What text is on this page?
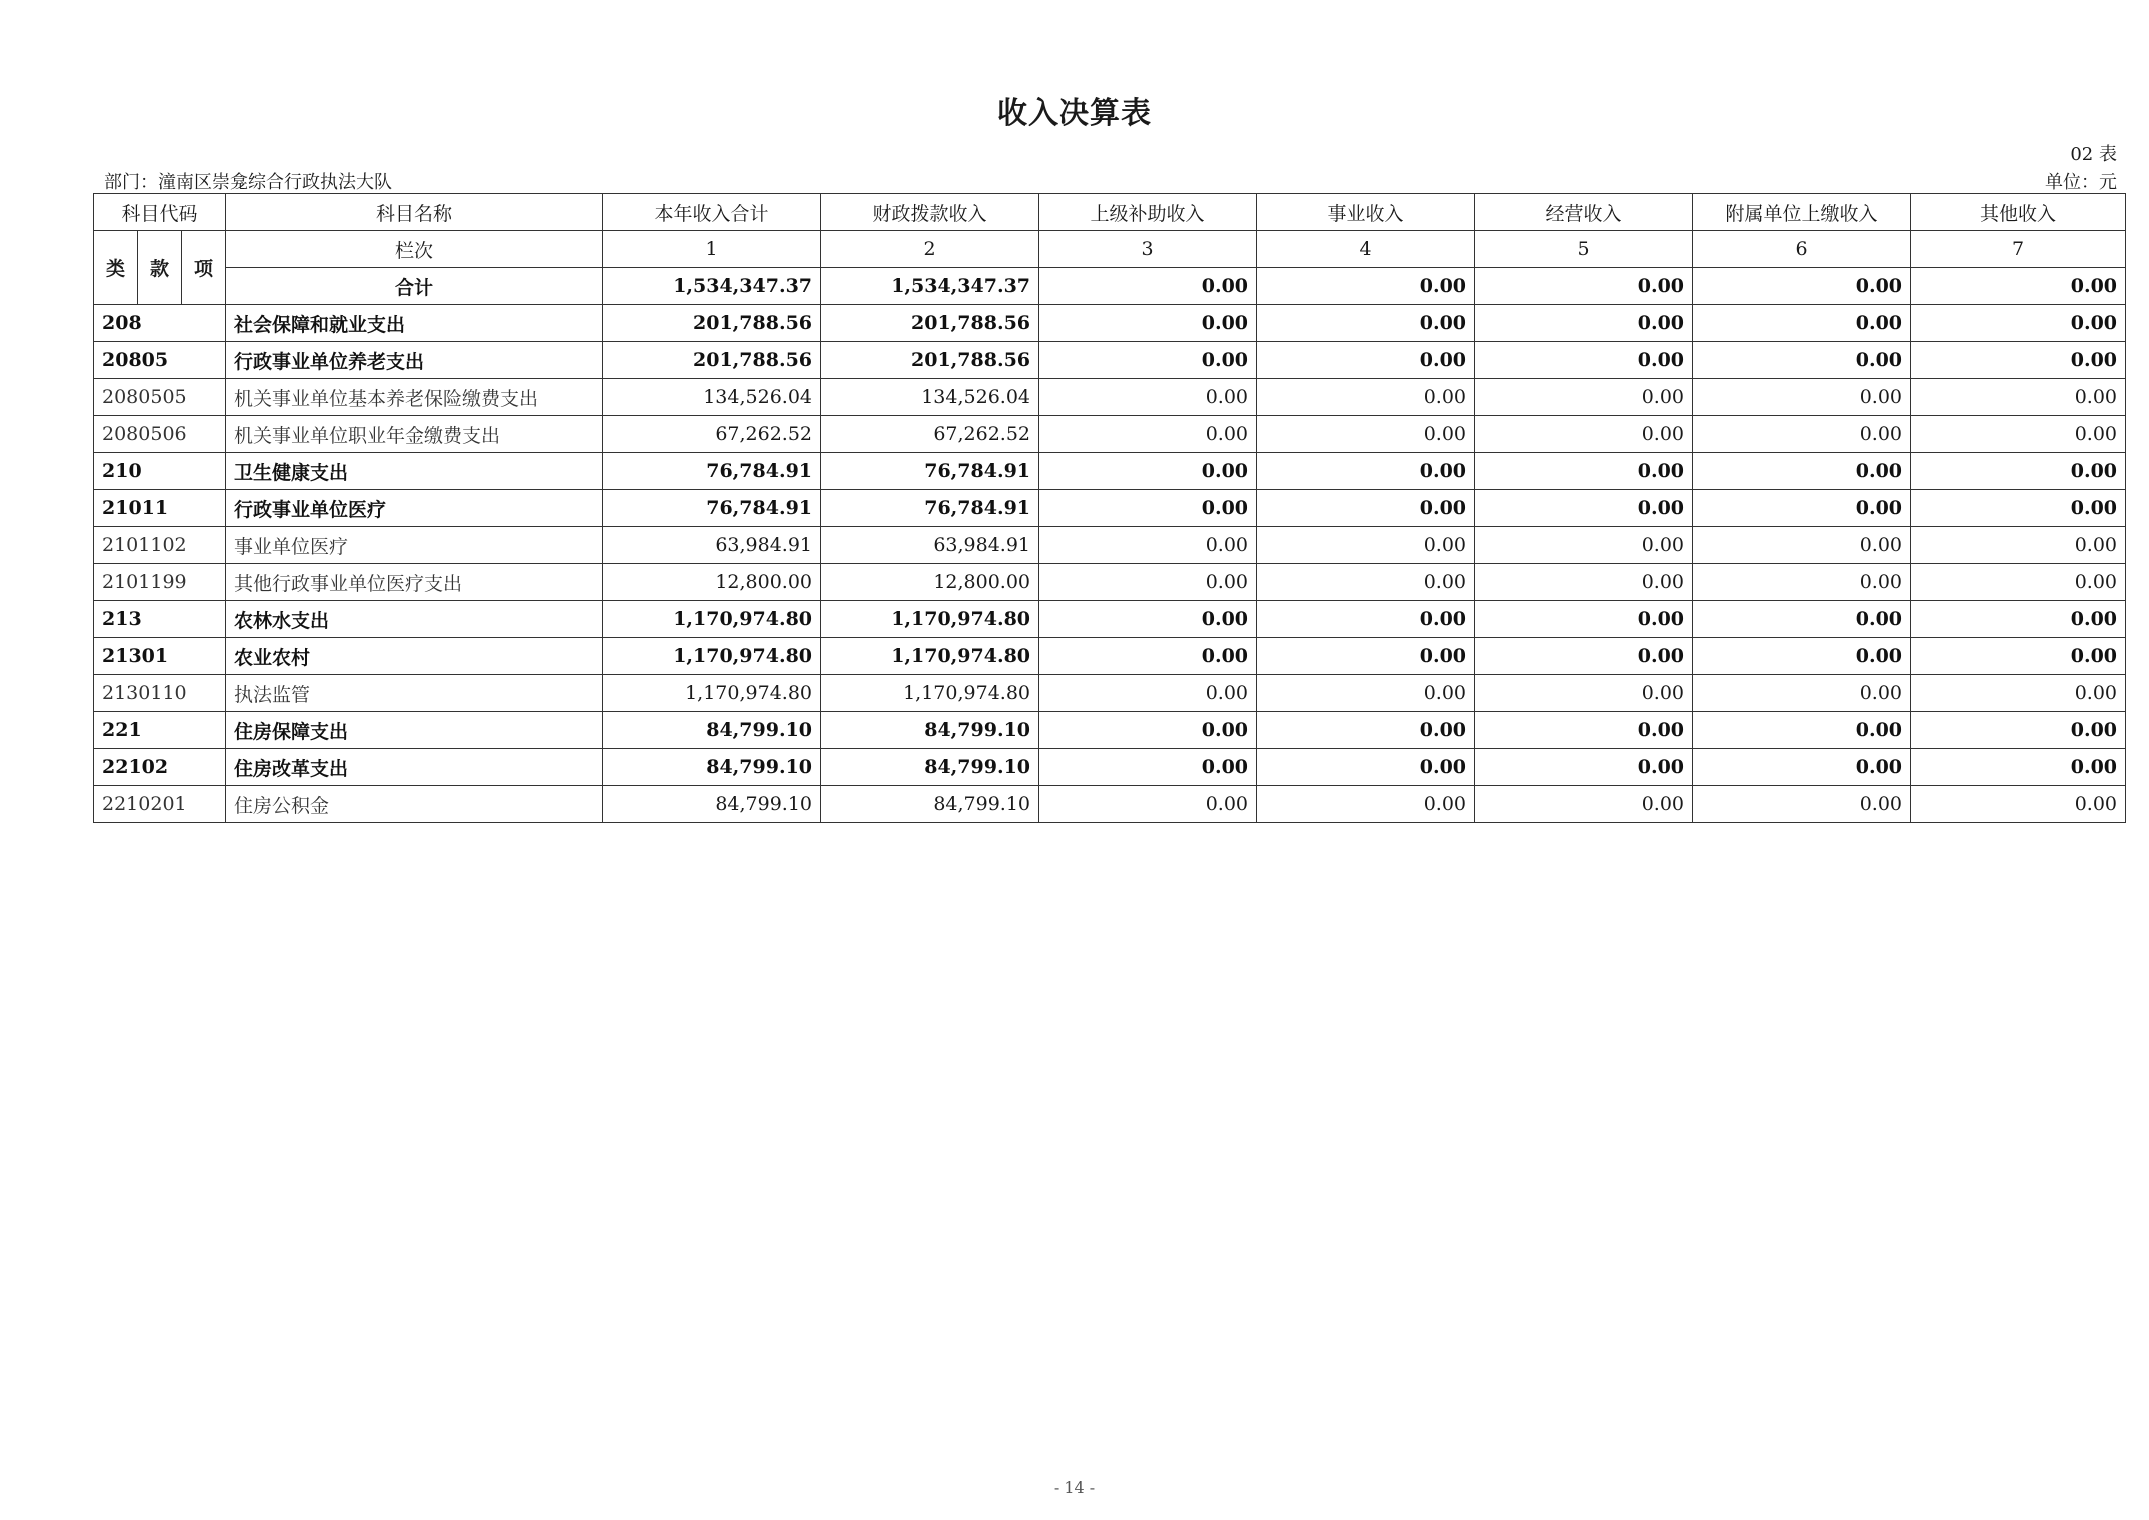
收入决算表
02 表
部门：潼南区崇龛综合行政执法大队	单位：元
科目代码			科目名称	本年收入合计	财政拨款收入	上级补助收入	事业收入	经营收入	附属单位上缴收入	其他收入
类	款	项	栏次	1	2	3	4	5	6	7
			合计	1,534,347.37	1,534,347.37	0.00	0.00	0.00	0.00	0.00
208			社会保障和就业支出	201,788.56	201,788.56	0.00	0.00	0.00	0.00	0.00
20805			行政事业单位养老支出	201,788.56	201,788.56	0.00	0.00	0.00	0.00	0.00
2080505			机关事业单位基本养老保险缴费支出	134,526.04	134,526.04	0.00	0.00	0.00	0.00	0.00
2080506			机关事业单位职业年金缴费支出	67,262.52	67,262.52	0.00	0.00	0.00	0.00	0.00
210			卫生健康支出	76,784.91	76,784.91	0.00	0.00	0.00	0.00	0.00
21011			行政事业单位医疗	76,784.91	76,784.91	0.00	0.00	0.00	0.00	0.00
2101102			事业单位医疗	63,984.91	63,984.91	0.00	0.00	0.00	0.00	0.00
2101199			其他行政事业单位医疗支出	12,800.00	12,800.00	0.00	0.00	0.00	0.00	0.00
213			农林水支出	1,170,974.80	1,170,974.80	0.00	0.00	0.00	0.00	0.00
21301			农业农村	1,170,974.80	1,170,974.80	0.00	0.00	0.00	0.00	0.00
2130110			执法监管	1,170,974.80	1,170,974.80	0.00	0.00	0.00	0.00	0.00
221			住房保障支出	84,799.10	84,799.10	0.00	0.00	0.00	0.00	0.00
22102			住房改革支出	84,799.10	84,799.10	0.00	0.00	0.00	0.00	0.00
2210201			住房公积金	84,799.10	84,799.10	0.00	0.00	0.00	0.00	0.00
- 14 -
